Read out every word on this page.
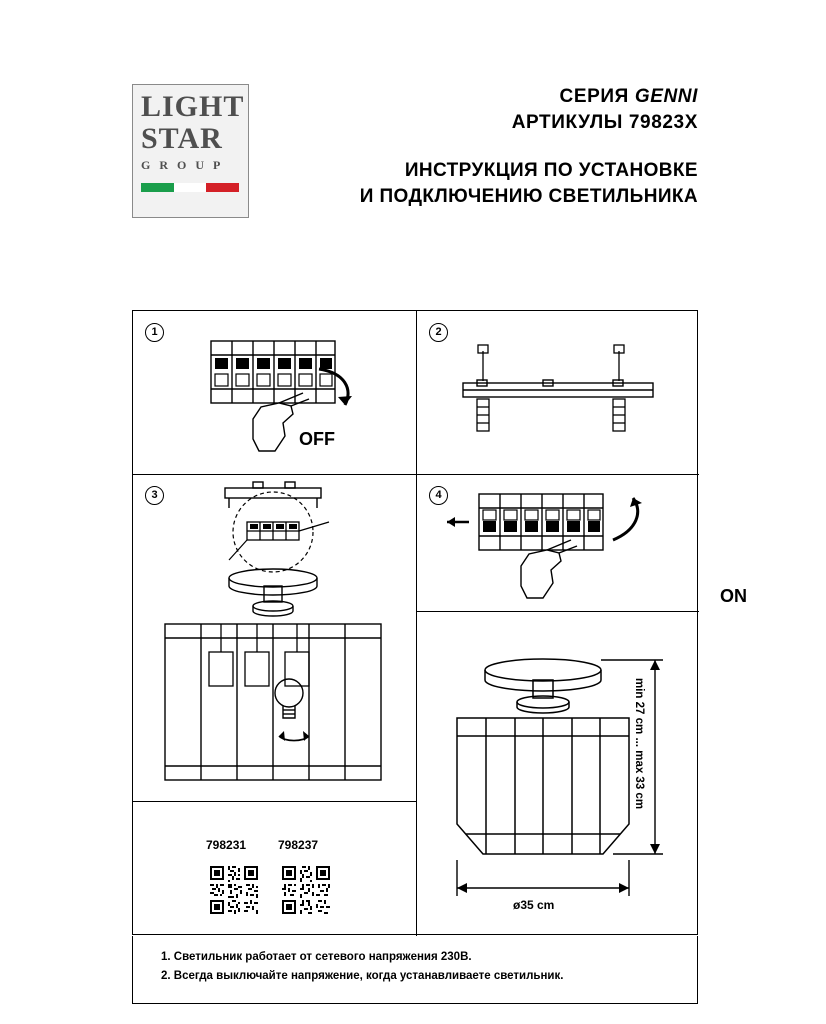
LIGHT
STAR
G R O U P
СЕРИЯ GENNI
АРТИКУЛЫ 79823X
ИНСТРУКЦИЯ ПО УСТАНОВКЕ
И ПОДКЛЮЧЕНИЮ СВЕТИЛЬНИКА
1
OFF
2
3	4
ON
798231	798237
min 27 cm ... max 33 cm
ø35 cm
1. Светильник работает от сетевого напряжения 230В.
2. Всегда выключайте напряжение, когда устанавливаете светильник.
